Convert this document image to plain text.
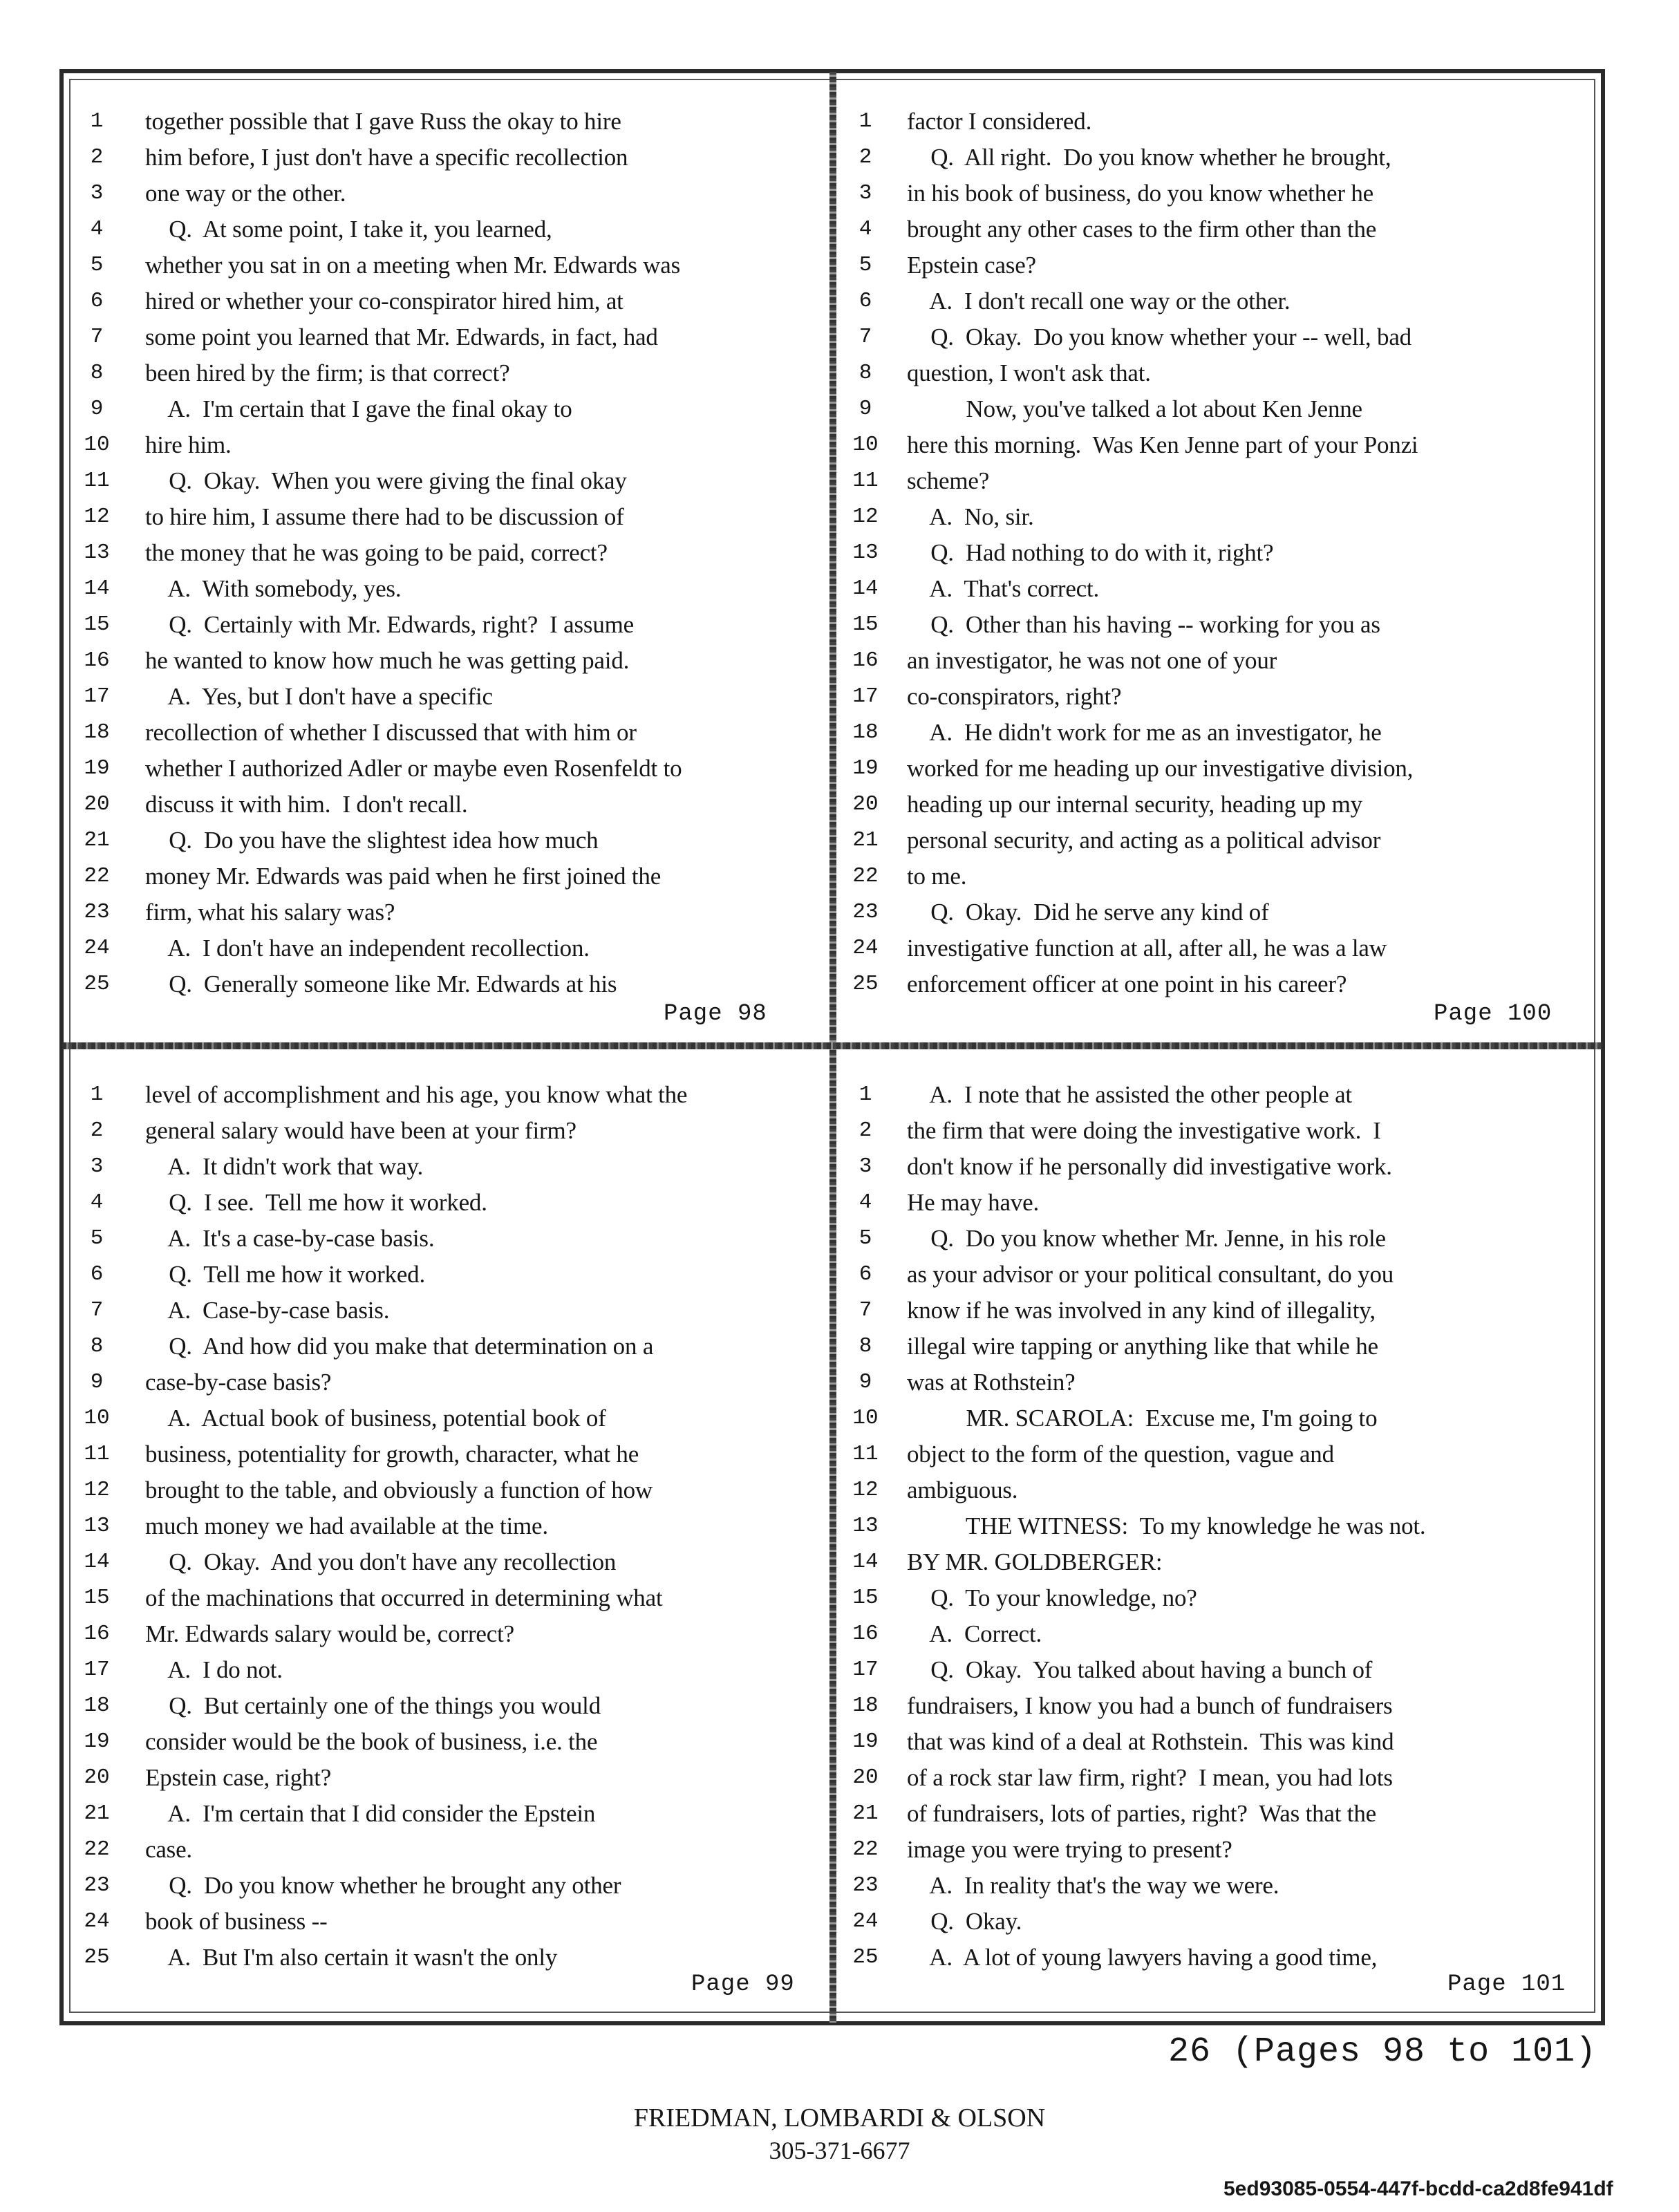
1	together possible that I gave Russ the okay to hire
2	him before, I just don't have a specific recollection
3	one way or the other.
4	Q.  At some point, I take it, you learned,
5	whether you sat in on a meeting when Mr. Edwards was
6	hired or whether your co-conspirator hired him, at
7	some point you learned that Mr. Edwards, in fact, had
8	been hired by the firm; is that correct?
9	A.  I'm certain that I gave the final okay to
10	hire him.
11	Q.  Okay.  When you were giving the final okay
12	to hire him, I assume there had to be discussion of
13	the money that he was going to be paid, correct?
14	A.  With somebody, yes.
15	Q.  Certainly with Mr. Edwards, right?  I assume
16	he wanted to know how much he was getting paid.
17	A.  Yes, but I don't have a specific
18	recollection of whether I discussed that with him or
19	whether I authorized Adler or maybe even Rosenfeldt to
20	discuss it with him.  I don't recall.
21	Q.  Do you have the slightest idea how much
22	money Mr. Edwards was paid when he first joined the
23	firm, what his salary was?
24	A.  I don't have an independent recollection.
25	Q.  Generally someone like Mr. Edwards at his
1	factor I considered.
2	Q.  All right.  Do you know whether he brought,
3	in his book of business, do you know whether he
4	brought any other cases to the firm other than the
5	Epstein case?
6	A.  I don't recall one way or the other.
7	Q.  Okay.  Do you know whether your -- well, bad
8	question, I won't ask that.
9	Now, you've talked a lot about Ken Jenne
10	here this morning.  Was Ken Jenne part of your Ponzi
11	scheme?
12	A.  No, sir.
13	Q.  Had nothing to do with it, right?
14	A.  That's correct.
15	Q.  Other than his having -- working for you as
16	an investigator, he was not one of your
17	co-conspirators, right?
18	A.  He didn't work for me as an investigator, he
19	worked for me heading up our investigative division,
20	heading up our internal security, heading up my
21	personal security, and acting as a political advisor
22	to me.
23	Q.  Okay.  Did he serve any kind of
24	investigative function at all, after all, he was a law
25	enforcement officer at one point in his career?
1	level of accomplishment and his age, you know what the
2	general salary would have been at your firm?
3	A.  It didn't work that way.
4	Q.  I see.  Tell me how it worked.
5	A.  It's a case-by-case basis.
6	Q.  Tell me how it worked.
7	A.  Case-by-case basis.
8	Q.  And how did you make that determination on a
9	case-by-case basis?
10	A.  Actual book of business, potential book of
11	business, potentiality for growth, character, what he
12	brought to the table, and obviously a function of how
13	much money we had available at the time.
14	Q.  Okay.  And you don't have any recollection
15	of the machinations that occurred in determining what
16	Mr. Edwards salary would be, correct?
17	A.  I do not.
18	Q.  But certainly one of the things you would
19	consider would be the book of business, i.e. the
20	Epstein case, right?
21	A.  I'm certain that I did consider the Epstein
22	case.
23	Q.  Do you know whether he brought any other
24	book of business --
25	A.  But I'm also certain it wasn't the only
1	A.  I note that he assisted the other people at
2	the firm that were doing the investigative work.  I
3	don't know if he personally did investigative work.
4	He may have.
5	Q.  Do you know whether Mr. Jenne, in his role
6	as your advisor or your political consultant, do you
7	know if he was involved in any kind of illegality,
8	illegal wire tapping or anything like that while he
9	was at Rothstein?
10	MR. SCAROLA:  Excuse me, I'm going to
11	object to the form of the question, vague and
12	ambiguous.
13	THE WITNESS:  To my knowledge he was not.
14	BY MR. GOLDBERGER:
15	Q.  To your knowledge, no?
16	A.  Correct.
17	Q.  Okay.  You talked about having a bunch of
18	fundraisers, I know you had a bunch of fundraisers
19	that was kind of a deal at Rothstein.  This was kind
20	of a rock star law firm, right?  I mean, you had lots
21	of fundraisers, lots of parties, right?  Was that the
22	image you were trying to present?
23	A.  In reality that's the way we were.
24	Q.  Okay.
25	A.  A lot of young lawyers having a good time,
Page 98	Page 100
Page 99	Page 101
26 (Pages 98 to 101)
FRIEDMAN, LOMBARDI & OLSON
305-371-6677
5ed93085-0554-447f-bcdd-ca2d8fe941df
